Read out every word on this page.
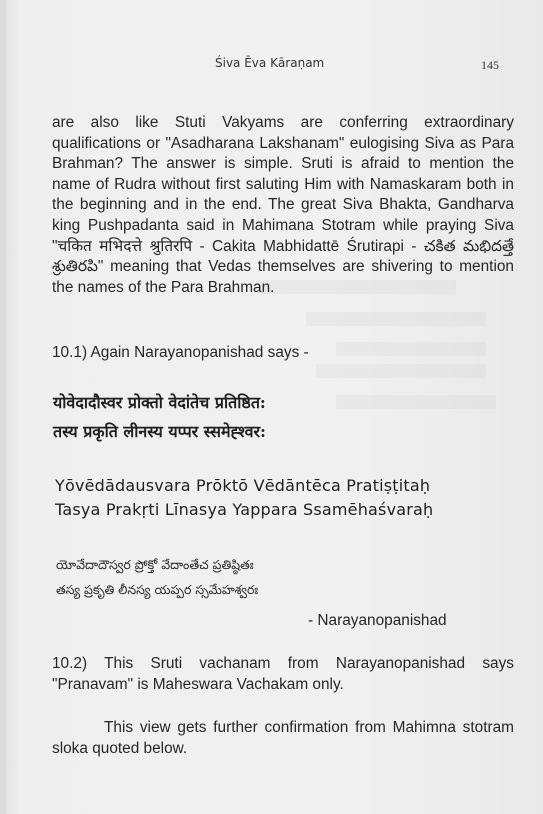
Śiva Ēva Kāraṇam	145
are also like Stuti Vakyams are conferring extraordinary qualifications or "Asadharana Lakshanam" eulogising Siva as Para Brahman? The answer is simple. Sruti is afraid to mention the name of Rudra without first saluting Him with Namaskaram both in the beginning and in the end. The great Siva Bhakta, Gandharva king Pushpadanta said in Mahimana Stotram while praying Siva "चकित मभिदत्ते श्रुतिरपि - Cakita Mabhidattē Śrutirapi - చకిత మభిదత్తే శ్రుతిరపి" meaning that Vedas themselves are shivering to mention the names of the Para Brahman.
10.1) Again Narayanopanishad says -
योवेदादौस्वर प्रोक्तो वेदांतेच प्रतिष्ठित:
तस्य प्रकृति लीनस्य यप्पर स्समेह्श्वर:
Yōvēdādausvara Prōktō Vēdāntēca Pratiṣṭitaḥ
Tasya Prakṛti Līnasya Yappara Ssamēhaśvaraḥ
యోవేదాదౌస్వర ప్రోక్తో వేదాంతేచ ప్రతిష్ఠితః
తస్య ప్రకృతి లీనస్య యప్పర స్సమేహశ్వరః
- Narayanopanishad
10.2) This Sruti vachanam from Narayanopanishad says "Pranavam" is Maheswara Vachakam only.
This view gets further confirmation from Mahimna stotram sloka quoted below.
